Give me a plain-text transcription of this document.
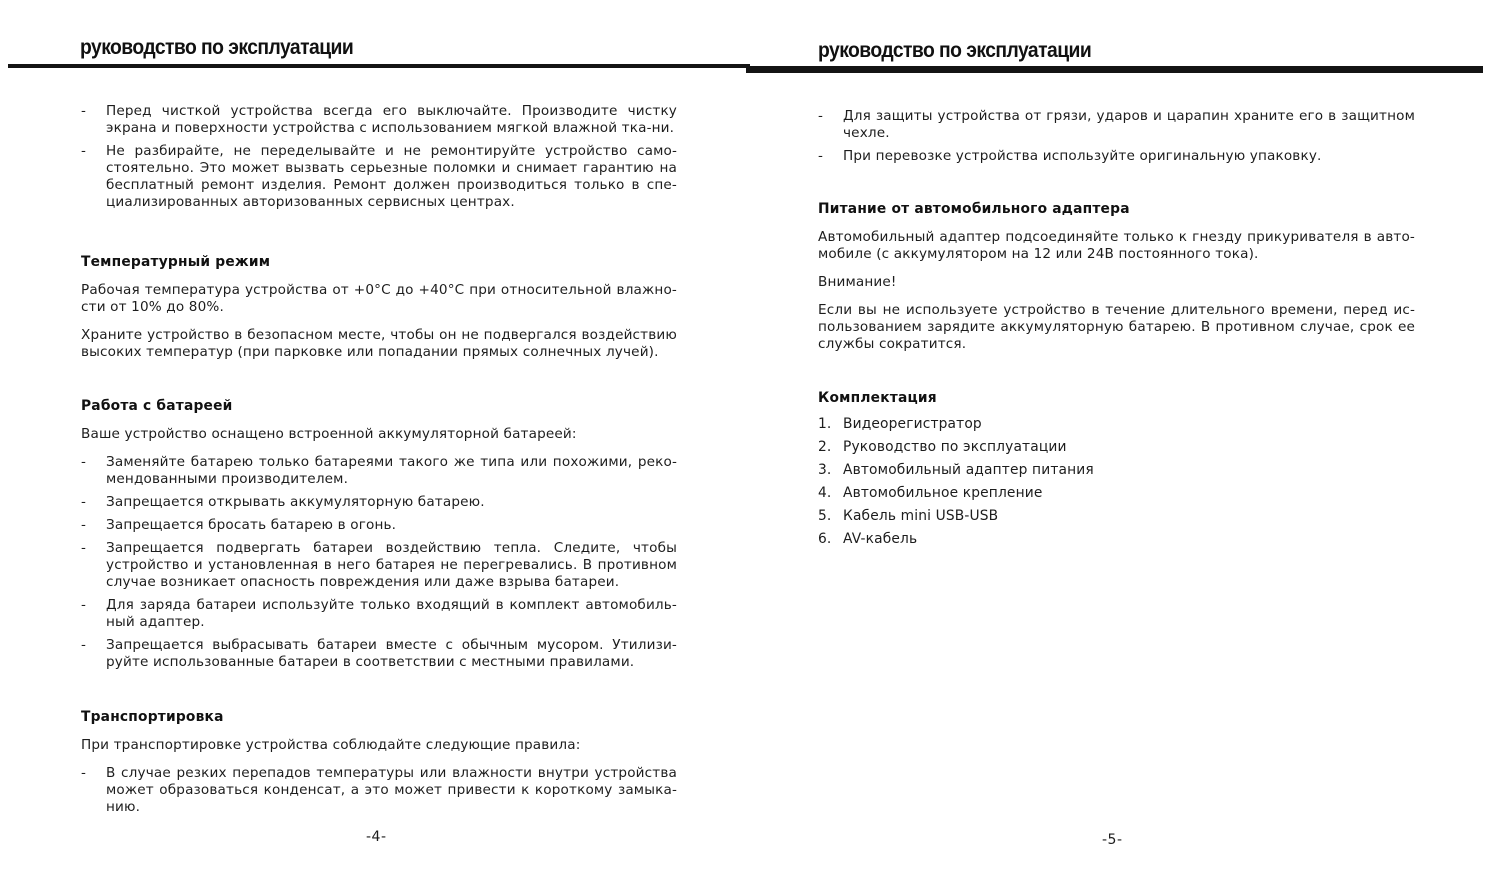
руководство по эксплуатации
-	Перед чисткой устройства всегда его выключайте. Производите чистку экрана и поверхности устройства с использованием мягкой влажной тка-ни.
-	Не разбирайте, не переделывайте и не ремонтируйте устройство само-стоятельно. Это может вызвать серьезные поломки и снимает гарантию на бесплатный ремонт изделия. Ремонт должен производиться только в спе-циализированных авторизованных сервисных центрах.
Температурный режим

Рабочая температура устройства от +0°С до +40°С при относительной влажно-сти от 10% до 80%.

Храните устройство в безопасном месте, чтобы он не подвергался воздействию высоких температур (при парковке или попадании прямых солнечных лучей).

Работа с батареей

Ваше устройство оснащено встроенной аккумуляторной батареей:

-	Заменяйте батарею только батареями такого же типа или похожими, реко-мендованными производителем.
-	Запрещается открывать аккумуляторную батарею.
-	Запрещается бросать батарею в огонь.
-	Запрещается подвергать батареи воздействию тепла. Следите, чтобы устройство и установленная в него батарея не перегревались. В противном случае возникает опасность повреждения или даже взрыва батареи.
-	Для заряда батареи используйте только входящий в комплект автомобиль-ный адаптер.
-	Запрещается выбрасывать батареи вместе с обычным мусором. Утилизи-руйте использованные батареи в соответствии с местными правилами.
Транспортировка

При транспортировке устройства соблюдайте следующие правила:

-	В случае резких перепадов температуры или влажности внутри устройства может образоваться конденсат, а это может привести к короткому замыка-нию.
-4-
руководство по эксплуатации
-	Для защиты устройства от грязи, ударов и царапин храните его в защитном чехле.
-	При перевозке устройства используйте оригинальную упаковку.
Питание от автомобильного адаптера

Автомобильный адаптер подсоединяйте только к гнезду прикуривателя в авто-мобиле (с аккумулятором на 12 или 24В постоянного тока).

Внимание!

Если вы не используете устройство в течение длительного времени, перед ис-пользованием зарядите аккумуляторную батарею. В противном случае, срок ее службы сократится.

Комплектация
1. Видеорегистратор
2. Руководство по эксплуатации
3. Автомобильный адаптер питания
4. Автомобильное крепление
5. Кабель mini USB-USB
6. AV-кабель
-5-
